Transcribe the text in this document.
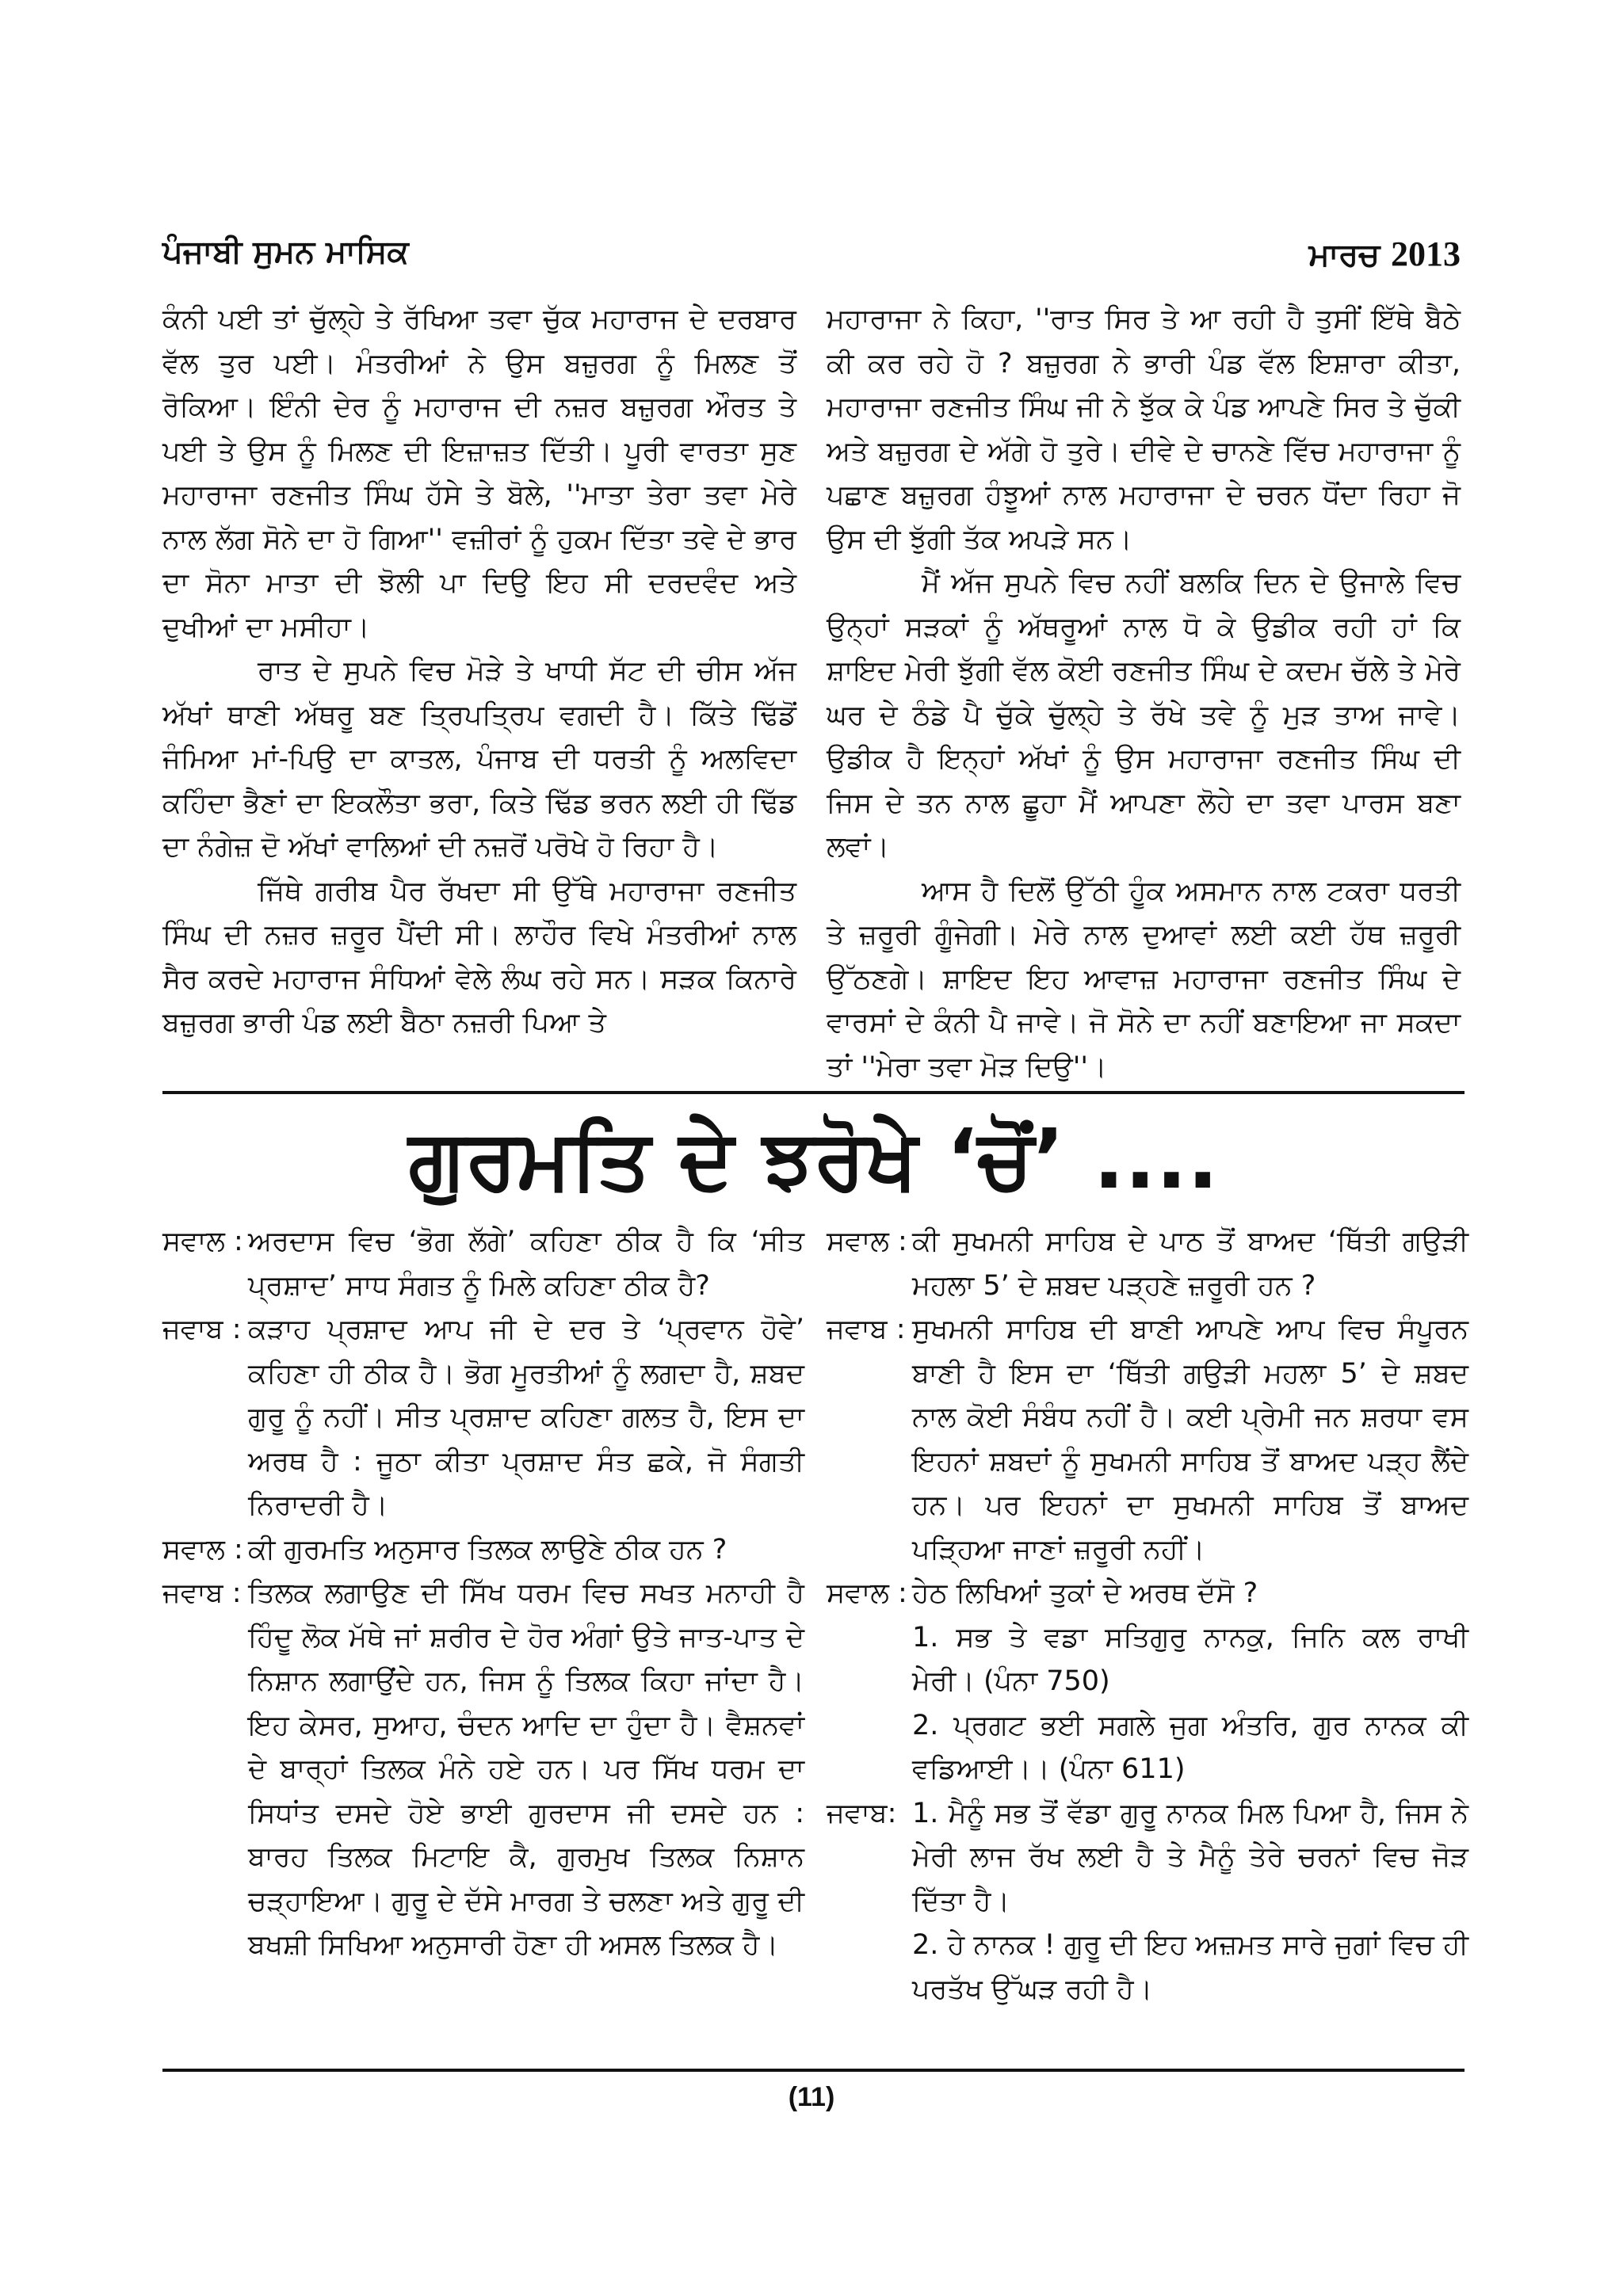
ਪੰਜਾਬੀ ਸੁਮਨ ਮਾਸਿਕ	ਮਾਰਚ 2013

ਕੰਨੀ ਪਈ ਤਾਂ ਚੁੱਲ੍ਹੇ ਤੇ ਰੱਖਿਆ ਤਵਾ ਚੁੱਕ ਮਹਾਰਾਜ ਦੇ ਦਰਬਾਰ ਵੱਲ ਤੁਰ ਪਈ। ਮੰਤਰੀਆਂ ਨੇ ਉਸ ਬਜ਼ੁਰਗ ਨੂੰ ਮਿਲਣ ਤੋਂ ਰੋਕਿਆ। ਇੰਨੀ ਦੇਰ ਨੂੰ ਮਹਾਰਾਜ ਦੀ ਨਜ਼ਰ ਬਜ਼ੁਰਗ ਔਰਤ ਤੇ ਪਈ ਤੇ ਉਸ ਨੂੰ ਮਿਲਣ ਦੀ ਇਜ਼ਾਜ਼ਤ ਦਿੱਤੀ। ਪੂਰੀ ਵਾਰਤਾ ਸੁਣ ਮਹਾਰਾਜਾ ਰਣਜੀਤ ਸਿੰਘ ਹੱਸੇ ਤੇ ਬੋਲੇ, ''ਮਾਤਾ ਤੇਰਾ ਤਵਾ ਮੇਰੇ ਨਾਲ ਲੱਗ ਸੋਨੇ ਦਾ ਹੋ ਗਿਆ'' ਵਜ਼ੀਰਾਂ ਨੂੰ ਹੁਕਮ ਦਿੱਤਾ ਤਵੇ ਦੇ ਭਾਰ ਦਾ ਸੋਨਾ ਮਾਤਾ ਦੀ ਝੋਲੀ ਪਾ ਦਿਉ ਇਹ ਸੀ ਦਰਦਵੰਦ ਅਤੇ ਦੁਖੀਆਂ ਦਾ ਮਸੀਹਾ।

ਰਾਤ ਦੇ ਸੁਪਨੇ ਵਿਚ ਮੋੜੇ ਤੇ ਖਾਧੀ ਸੱਟ ਦੀ ਚੀਸ ਅੱਜ ਅੱਖਾਂ ਥਾਣੀ ਅੱਥਰੂ ਬਣ ਤ੍ਰਿਪਤ੍ਰਿਪ ਵਗਦੀ ਹੈ। ਕਿੱਤੇ ਢਿੱਡੋਂ ਜੰਮਿਆ ਮਾਂ-ਪਿਉ ਦਾ ਕਾਤਲ, ਪੰਜਾਬ ਦੀ ਧਰਤੀ ਨੂੰ ਅਲਵਿਦਾ ਕਹਿੰਦਾ ਭੈਣਾਂ ਦਾ ਇਕਲੌਤਾ ਭਰਾ, ਕਿਤੇ ਢਿੱਡ ਭਰਨ ਲਈ ਹੀ ਢਿੱਡ ਦਾ ਨੰਗੇਜ਼ ਦੋ ਅੱਖਾਂ ਵਾਲਿਆਂ ਦੀ ਨਜ਼ਰੋਂ ਪਰੋਖੇ ਹੋ ਰਿਹਾ ਹੈ।

ਜਿੱਥੇ ਗਰੀਬ ਪੈਰ ਰੱਖਦਾ ਸੀ ਉੱਥੇ ਮਹਾਰਾਜਾ ਰਣਜੀਤ ਸਿੰਘ ਦੀ ਨਜ਼ਰ ਜ਼ਰੂਰ ਪੈਂਦੀ ਸੀ। ਲਾਹੌਰ ਵਿਖੇ ਮੰਤਰੀਆਂ ਨਾਲ ਸੈਰ ਕਰਦੇ ਮਹਾਰਾਜ ਸੰਧਿਆਂ ਵੇਲੇ ਲੰਘ ਰਹੇ ਸਨ। ਸੜਕ ਕਿਨਾਰੇ ਬਜ਼ੁਰਗ ਭਾਰੀ ਪੰਡ ਲਈ ਬੈਠਾ ਨਜ਼ਰੀ ਪਿਆ ਤੇ

ਮਹਾਰਾਜਾ ਨੇ ਕਿਹਾ, ''ਰਾਤ ਸਿਰ ਤੇ ਆ ਰਹੀ ਹੈ ਤੁਸੀਂ ਇੱਥੇ ਬੈਠੇ ਕੀ ਕਰ ਰਹੇ ਹੋ ? ਬਜ਼ੁਰਗ ਨੇ ਭਾਰੀ ਪੰਡ ਵੱਲ ਇਸ਼ਾਰਾ ਕੀਤਾ, ਮਹਾਰਾਜਾ ਰਣਜੀਤ ਸਿੰਘ ਜੀ ਨੇ ਝੁੱਕ ਕੇ ਪੰਡ ਆਪਣੇ ਸਿਰ ਤੇ ਚੁੱਕੀ ਅਤੇ ਬਜ਼ੁਰਗ ਦੇ ਅੱਗੇ ਹੋ ਤੁਰੇ। ਦੀਵੇ ਦੇ ਚਾਨਣੇ ਵਿੱਚ ਮਹਾਰਾਜਾ ਨੂੰ ਪਛਾਣ ਬਜ਼ੁਰਗ ਹੰਝੂਆਂ ਨਾਲ ਮਹਾਰਾਜਾ ਦੇ ਚਰਨ ਧੋਂਦਾ ਰਿਹਾ ਜੋ ਉਸ ਦੀ ਝੁੱਗੀ ਤੱਕ ਅਪੜੇ ਸਨ।

ਮੈਂ ਅੱਜ ਸੁਪਨੇ ਵਿਚ ਨਹੀਂ ਬਲਕਿ ਦਿਨ ਦੇ ਉਜਾਲੇ ਵਿਚ ਉਨ੍ਹਾਂ ਸੜਕਾਂ ਨੂੰ ਅੱਥਰੂਆਂ ਨਾਲ ਧੋ ਕੇ ਉਡੀਕ ਰਹੀ ਹਾਂ ਕਿ ਸ਼ਾਇਦ ਮੇਰੀ ਝੁੱਗੀ ਵੱਲ ਕੋਈ ਰਣਜੀਤ ਸਿੰਘ ਦੇ ਕਦਮ ਚੱਲੇ ਤੇ ਮੇਰੇ ਘਰ ਦੇ ਠੰਡੇ ਪੈ ਚੁੱਕੇ ਚੁੱਲ੍ਹੇ ਤੇ ਰੱਖੇ ਤਵੇ ਨੂੰ ਮੁੜ ਤਾਅ ਜਾਵੇ। ਉਡੀਕ ਹੈ ਇਨ੍ਹਾਂ ਅੱਖਾਂ ਨੂੰ ਉਸ ਮਹਾਰਾਜਾ ਰਣਜੀਤ ਸਿੰਘ ਦੀ ਜਿਸ ਦੇ ਤਨ ਨਾਲ ਛੂਹਾ ਮੈਂ ਆਪਣਾ ਲੋਹੇ ਦਾ ਤਵਾ ਪਾਰਸ ਬਣਾ ਲਵਾਂ।

ਆਸ ਹੈ ਦਿਲੋਂ ਉੱਠੀ ਹੂੰਕ ਅਸਮਾਨ ਨਾਲ ਟਕਰਾ ਧਰਤੀ ਤੇ ਜ਼ਰੂਰੀ ਗੂੰਜੇਗੀ। ਮੇਰੇ ਨਾਲ ਦੁਆਵਾਂ ਲਈ ਕਈ ਹੱਥ ਜ਼ਰੂਰੀ ਉੱਠਣਗੇ। ਸ਼ਾਇਦ ਇਹ ਆਵਾਜ਼ ਮਹਾਰਾਜਾ ਰਣਜੀਤ ਸਿੰਘ ਦੇ ਵਾਰਸਾਂ ਦੇ ਕੰਨੀ ਪੈ ਜਾਵੇ। ਜੋ ਸੋਨੇ ਦਾ ਨਹੀਂ ਬਣਾਇਆ ਜਾ ਸਕਦਾ ਤਾਂ ''ਮੇਰਾ ਤਵਾ ਮੋੜ ਦਿਉ''।

ਗੁਰਮਤਿ ਦੇ ਝਰੋਖੇ ‘ਚੋਂ’ ....
ਸਵਾਲ : ਅਰਦਾਸ ਵਿਚ ‘ਭੋਗ ਲੱਗੇ’ ਕਹਿਣਾ ਠੀਕ ਹੈ ਕਿ ‘ਸੀਤ ਪ੍ਰਸ਼ਾਦ’ ਸਾਧ ਸੰਗਤ ਨੂੰ ਮਿਲੇ ਕਹਿਣਾ ਠੀਕ ਹੈ?
ਜਵਾਬ : ਕੜਾਹ ਪ੍ਰਸ਼ਾਦ ਆਪ ਜੀ ਦੇ ਦਰ ਤੇ ‘ਪ੍ਰਵਾਨ ਹੋਵੇ’ ਕਹਿਣਾ ਹੀ ਠੀਕ ਹੈ। ਭੋਗ ਮੂਰਤੀਆਂ ਨੂੰ ਲਗਦਾ ਹੈ, ਸ਼ਬਦ ਗੁਰੂ ਨੂੰ ਨਹੀਂ। ਸੀਤ ਪ੍ਰਸ਼ਾਦ ਕਹਿਣਾ ਗਲਤ ਹੈ, ਇਸ ਦਾ ਅਰਥ ਹੈ : ਜੂਠਾ ਕੀਤਾ ਪ੍ਰਸ਼ਾਦ ਸੰਤ ਛਕੇ, ਜੋ ਸੰਗਤੀ ਨਿਰਾਦਰੀ ਹੈ।
ਸਵਾਲ : ਕੀ ਗੁਰਮਤਿ ਅਨੁਸਾਰ ਤਿਲਕ ਲਾਉਣੇ ਠੀਕ ਹਨ ?
ਜਵਾਬ : ਤਿਲਕ ਲਗਾਉਣ ਦੀ ਸਿੱਖ ਧਰਮ ਵਿਚ ਸਖਤ ਮਨਾਹੀ ਹੈ ਹਿੰਦੂ ਲੋਕ ਮੱਥੇ ਜਾਂ ਸ਼ਰੀਰ ਦੇ ਹੋਰ ਅੰਗਾਂ ਉਤੇ ਜਾਤ-ਪਾਤ ਦੇ ਨਿਸ਼ਾਨ ਲਗਾਉਂਦੇ ਹਨ, ਜਿਸ ਨੂੰ ਤਿਲਕ ਕਿਹਾ ਜਾਂਦਾ ਹੈ। ਇਹ ਕੇਸਰ, ਸੁਆਹ, ਚੰਦਨ ਆਦਿ ਦਾ ਹੁੰਦਾ ਹੈ। ਵੈਸ਼ਨਵਾਂ ਦੇ ਬਾਰ੍ਹਾਂ ਤਿਲਕ ਮੰਨੇ ਹਏ ਹਨ। ਪਰ ਸਿੱਖ ਧਰਮ ਦਾ ਸਿਧਾਂਤ ਦਸਦੇ ਹੋਏ ਭਾਈ ਗੁਰਦਾਸ ਜੀ ਦਸਦੇ ਹਨ : ਬਾਰਹ ਤਿਲਕ ਮਿਟਾਇ ਕੈ, ਗੁਰਮੁਖ ਤਿਲਕ ਨਿਸ਼ਾਨ ਚੜ੍ਹਾਇਆ। ਗੁਰੂ ਦੇ ਦੱਸੇ ਮਾਰਗ ਤੇ ਚਲਣਾ ਅਤੇ ਗੁਰੂ ਦੀ ਬਖਸ਼ੀ ਸਿਖਿਆ ਅਨੁਸਾਰੀ ਹੋਣਾ ਹੀ ਅਸਲ ਤਿਲਕ ਹੈ।
ਸਵਾਲ : ਕੀ ਸੁਖਮਨੀ ਸਾਹਿਬ ਦੇ ਪਾਠ ਤੋਂ ਬਾਅਦ ‘ਥਿੱਤੀ ਗਉੜੀ ਮਹਲਾ 5’ ਦੇ ਸ਼ਬਦ ਪੜ੍ਹਣੇ ਜ਼ਰੂਰੀ ਹਨ ?
ਜਵਾਬ : ਸੁਖਮਨੀ ਸਾਹਿਬ ਦੀ ਬਾਣੀ ਆਪਣੇ ਆਪ ਵਿਚ ਸੰਪੂਰਨ ਬਾਣੀ ਹੈ ਇਸ ਦਾ ‘ਥਿੱਤੀ ਗਉੜੀ ਮਹਲਾ 5’ ਦੇ ਸ਼ਬਦ ਨਾਲ ਕੋਈ ਸੰਬੰਧ ਨਹੀਂ ਹੈ। ਕਈ ਪ੍ਰੇਮੀ ਜਨ ਸ਼ਰਧਾ ਵਸ ਇਹਨਾਂ ਸ਼ਬਦਾਂ ਨੂੰ ਸੁਖਮਨੀ ਸਾਹਿਬ ਤੋਂ ਬਾਅਦ ਪੜ੍ਹ ਲੈਂਦੇ ਹਨ। ਪਰ ਇਹਨਾਂ ਦਾ ਸੁਖਮਨੀ ਸਾਹਿਬ ਤੋਂ ਬਾਅਦ ਪੜ੍ਹਿਆ ਜਾਣਾਂ ਜ਼ਰੂਰੀ ਨਹੀਂ।
ਸਵਾਲ : ਹੇਠ ਲਿਖਿਆਂ ਤੁਕਾਂ ਦੇ ਅਰਥ ਦੱਸੋ ?
1. ਸਭ ਤੇ ਵਡਾ ਸਤਿਗੁਰੁ ਨਾਨਕੁ, ਜਿਨਿ ਕਲ ਰਾਖੀ ਮੇਰੀ। (ਪੰਨਾ 750)
2. ਪ੍ਰਗਟ ਭਈ ਸਗਲੇ ਜੁਗ ਅੰਤਰਿ, ਗੁਰ ਨਾਨਕ ਕੀ ਵਡਿਆਈ।। (ਪੰਨਾ 611)
ਜਵਾਬ: 1. ਮੈਨੂੰ ਸਭ ਤੋਂ ਵੱਡਾ ਗੁਰੂ ਨਾਨਕ ਮਿਲ ਪਿਆ ਹੈ, ਜਿਸ ਨੇ ਮੇਰੀ ਲਾਜ ਰੱਖ ਲਈ ਹੈ ਤੇ ਮੈਨੂੰ ਤੇਰੇ ਚਰਨਾਂ ਵਿਚ ਜੋੜ ਦਿੱਤਾ ਹੈ।
2. ਹੇ ਨਾਨਕ ! ਗੁਰੂ ਦੀ ਇਹ ਅਜ਼ਮਤ ਸਾਰੇ ਜੁਗਾਂ ਵਿਚ ਹੀ ਪਰਤੱਖ ਉੱਘੜ ਰਹੀ ਹੈ।
(11)
